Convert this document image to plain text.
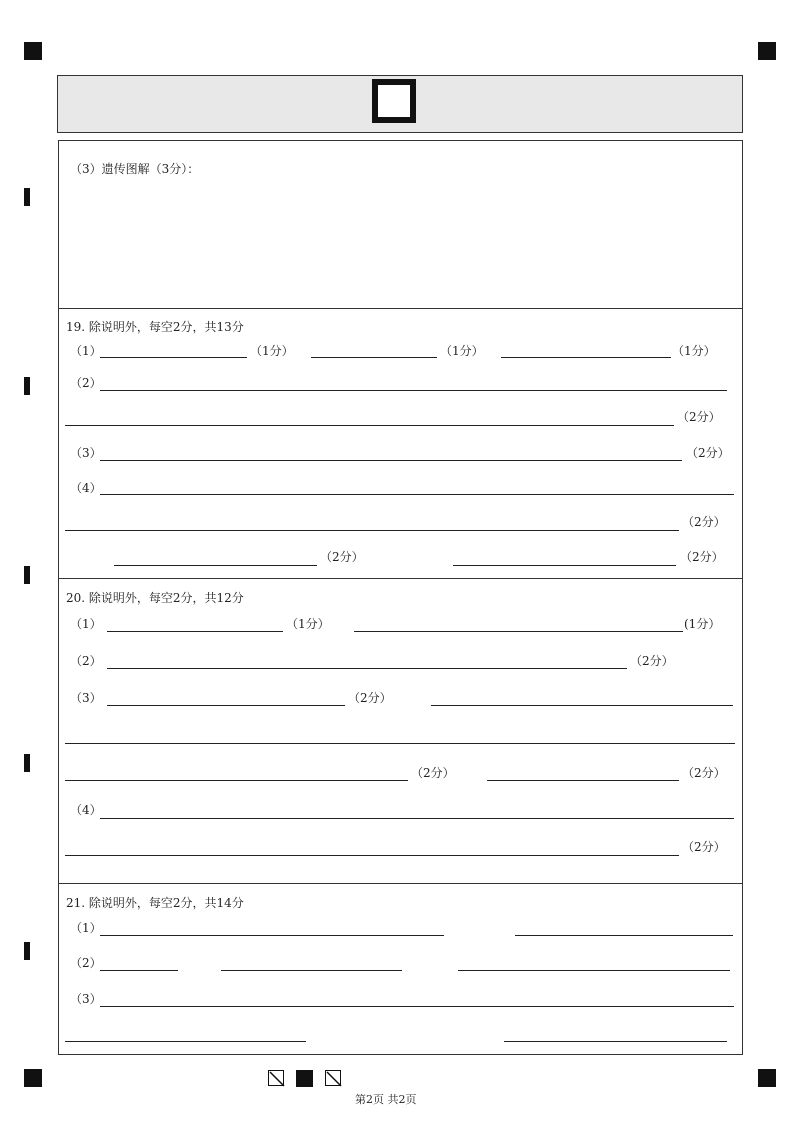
（3）遗传图解（3分）：
19. 除说明外，每空2分，共13分
（1）	（1分）	（1分）	（1分）
（2）
（2分）
（3）	（2分）
（4）
（2分）
（2分）	（2分）
20. 除说明外，每空2分，共12分
（1）	（1分）	(1分）
（2）	（2分）
（3）	（2分）
（2分）	（2分）
（4）
（2分）
21. 除说明外，每空2分，共14分
（1）
（2）
（3）
第2页 共2页
